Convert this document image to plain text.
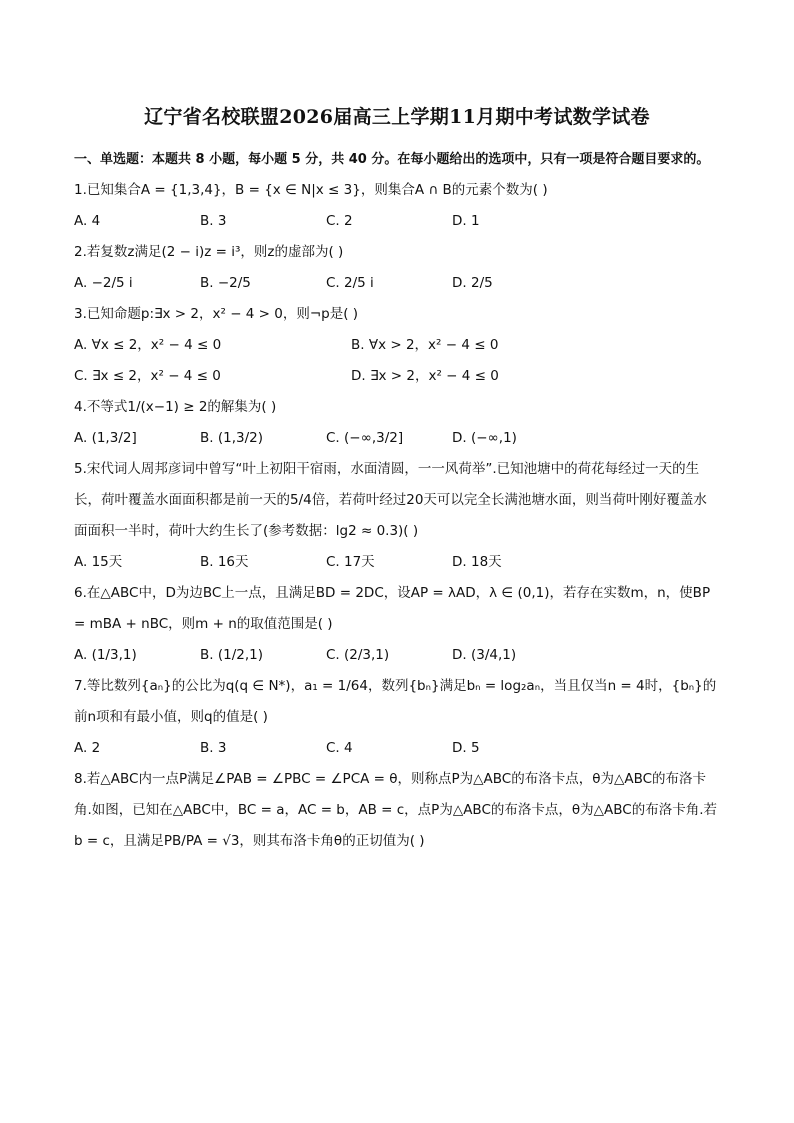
辽宁省名校联盟2026届高三上学期11月期中考试数学试卷
一、单选题：本题共 8 小题，每小题 5 分，共 40 分。在每小题给出的选项中，只有一项是符合题目要求的。

1.已知集合A = {1,3,4}，B = {x ∈ N|x ≤ 3}，则集合A ∩ B的元素个数为( )

A. 4	B. 3	C. 2	D. 1

2.若复数z满足(2 − i)z = i³，则z的虚部为( )

A. −2/5 i	B. −2/5	C. 2/5 i	D. 2/5

3.已知命题p:∃x > 2，x² − 4 > 0，则¬p是( )

A. ∀x ≤ 2，x² − 4 ≤ 0	B. ∀x > 2，x² − 4 ≤ 0
C. ∃x ≤ 2，x² − 4 ≤ 0	D. ∃x > 2，x² − 4 ≤ 0

4.不等式1/(x−1) ≥ 2的解集为( )

A. (1,3/2]	B. (1,3/2)	C. (−∞,3/2]	D. (−∞,1)

5.宋代词人周邦彦词中曾写“叶上初阳干宿雨，水面清圆，一一风荷举”.已知池塘中的荷花每经过一天的生长，荷叶覆盖水面面积都是前一天的5/4倍，若荷叶经过20天可以完全长满池塘水面，则当荷叶刚好覆盖水面面积一半时，荷叶大约生长了(参考数据：lg2 ≈ 0.3)( )

A. 15天	B. 16天	C. 17天	D. 18天

6.在△ABC中，D为边BC上一点，且满足BD = 2DC，设AP = λAD，λ ∈ (0,1)，若存在实数m，n，使BP = mBA + nBC，则m + n的取值范围是( )

A. (1/3,1)	B. (1/2,1)	C. (2/3,1)	D. (3/4,1)

7.等比数列{aₙ}的公比为q(q ∈ N*)，a₁ = 1/64，数列{bₙ}满足bₙ = log₂aₙ，当且仅当n = 4时，{bₙ}的前n项和有最小值，则q的值是( )

A. 2	B. 3	C. 4	D. 5

8.若△ABC内一点P满足∠PAB = ∠PBC = ∠PCA = θ，则称点P为△ABC的布洛卡点，θ为△ABC的布洛卡角.如图，已知在△ABC中，BC = a，AC = b，AB = c，点P为△ABC的布洛卡点，θ为△ABC的布洛卡角.若b = c，且满足PB/PA = √3，则其布洛卡角θ的正切值为( )
